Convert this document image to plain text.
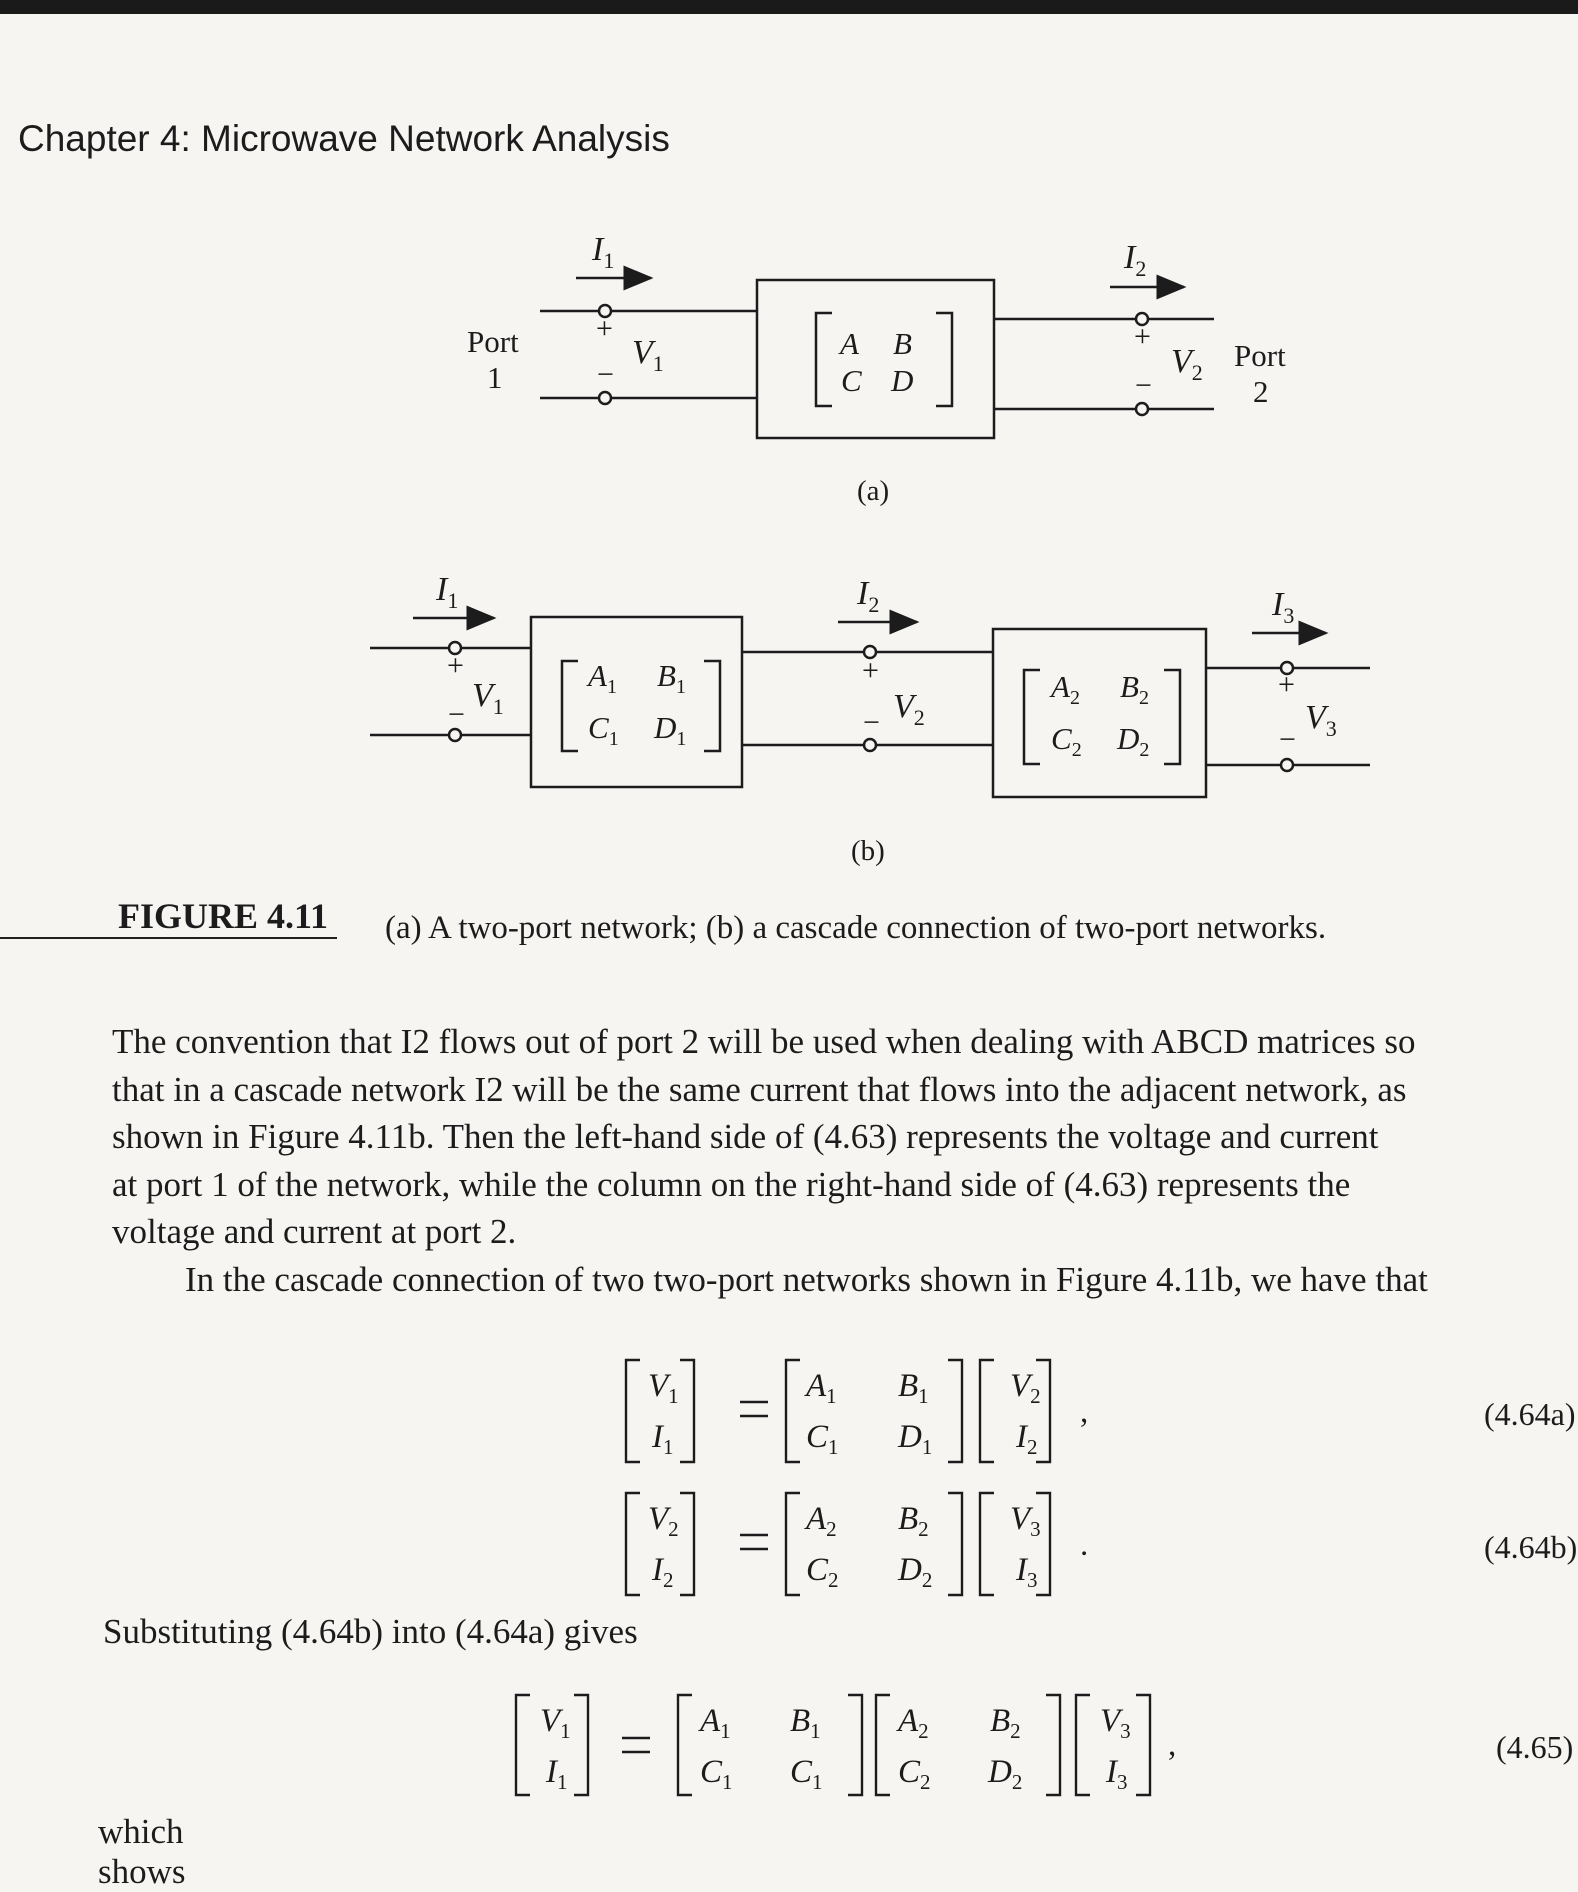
Chapter 4: Microwave Network Analysis
$I_1$	$I_2$
+
−
$V_1$
Port
1
A B
C D
+
−
$V_2$ Port
2
(a)
$I_1$	$I_2$	$I_3$
+
−
$V_1$
+
− $V_2$
+
−
$V_3$
$A_1$ $B_1$
$C_1$ $D_1$
$A_2$ $B_2$
$C_2$ $D_2$
(b)
FIGURE 4.11 (a) A two-port network; (b) a cascade connection of two-port networks.

The convention that I2 flows out of port 2 will be used when dealing with ABCD matrices so

that in a cascade network I2 will be the same current that flows into the adjacent network, as

shown in Figure 4.11b. Then the left-hand side of (4.63) represents the voltage and current

at port 1 of the network, while the column on the right-hand side of (4.63) represents the

voltage and current at port 2.

In the cascade connection of two two-port networks shown in Figure 4.11b, we have that

$V_1$
$I_1$
$A_1$ $B_1$
$C_1$ $D_1$
$V_2$
$I_2$
,	(4.64a)
$V_2$
$I_2$
$A_2$ $B_2$
$C_2$ $D_2$
$V_3$
$I_3$
.	(4.64b)
Substituting (4.64b) into (4.64a) gives
$V_1$
$I_1$
$A_1$ $B_1$
$C_1$ $C_1$
$A_2$ $B_2$
$C_2$ $D_2$
$V_3$
$I_3$
,	(4.65)
which shows
